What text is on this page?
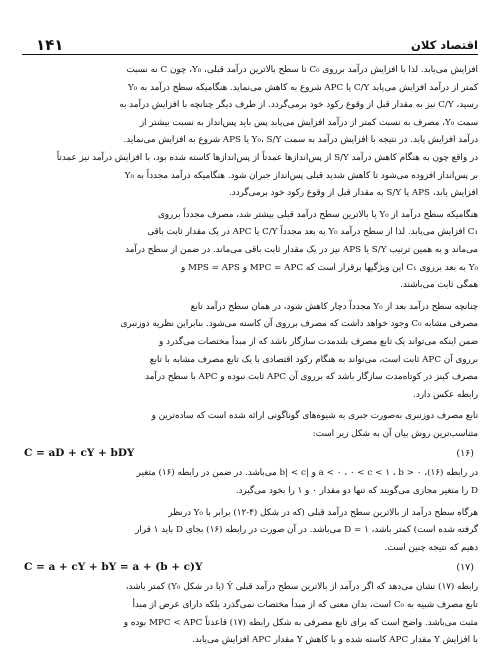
۱۴۱	اقتصاد کلان

افزایش می‌یابد. لذا با افزایش درآمد برروی C₀ تا سطح بالاترین درآمد قبلی، Y₀، چون C نه نسبت

کمتر از درآمد افزایش می‌یابد C/Y یا APC شروع به کاهش می‌نماید. هنگامیکه سطح درآمد به Y₀

رسید، C/Y نیز به مقدار قبل از وقوع رکود خود برمی‌گردد. از طرف دیگر چنانچه با افزایش درآمد به

سمت Y₀، مصرف به نسبت کمتر از درآمد افزایش می‌یابد پس باید پس‌انداز به نسبت بیشتر از

درآمد افزایش یابد. در نتیجه با افزایش درآمد به سمت Y₀، S/Y یا APS شروع به افزایش می‌نماید.

در واقع چون به هنگام کاهش درآمد S/Y از پس‌انداز‌ها عمدتاً از پس‌اندازها کاسته شده بود، با افزایش درآمد نیز عمدتاً

بر پس‌انداز افزوده می‌شود تا کاهش شدید قبلی پس‌انداز جبران شود. هنگامیکه درآمد مجدداً به Y₀

افزایش یابد، APS یا S/Y به مقدار قبل از وقوع رکود خود برمی‌گردد.

هنگامیکه سطح درآمد از Y₀ یا بالاترین سطح درآمد قبلی بیشتر شد، مصرف مجدداً برروی

C₁ افزایش می‌یابد. لذا از سطح درآمد Y₀ به بعد مجدداً C/Y یا APC در یک مقدار ثابت باقی

می‌ماند و به همین ترتیب S/Y یا APS نیز در یک مقدار ثابت باقی می‌ماند. در ضمن از سطح درآمد

Y₀ به بعد برروی C₁ این ویژگیها برقرار است که MPC = APC و MPS = APS و

همگی ثابت می‌باشند.

چنانچه سطح درآمد بعد از Y₀ مجدداً دچار کاهش شود، در همان سطح درآمد تابع

مصرفی مشابه C₀ وجود خواهد داشت که مصرف برروی آن کاسته می‌شود. بنابراین نظریه دوزنبری

ضمن اینکه می‌تواند یک تابع مصرف بلندمدت سازگار باشد که از مبدأ مختصات می‌گذرد و

برروی آن APC ثابت است، می‌تواند به هنگام رکود اقتصادی با یک تابع مصرف مشابه با تابع

مصرف کینز در کوتاه‌مدت سازگار باشد که برروی آن APC ثابت نبوده و APC با سطح درآمد

رابطه عکس دارد.

تابع مصرف دوزنبری به‌صورت جبری به شیوه‌های گوناگونی ارائه شده است که ساده‌ترین و

متناسب‌ترین روش بیان آن به شکل زیر است:

C = aD + cY + bDY	(۱۶)

در رابطه (۱۶)، a < ۰ ، ۰ < c < ۱ ، b > ۰ و |b| < c می‌باشد. در ضمن در رابطه (۱۶) متغیر

D را متغیر مجازی می‌گویند که تنها دو مقدار ۰ و ۱ را بخود می‌گیرد.

هرگاه سطح درآمد از بالاترین سطح درآمد قبلی (که در شکل (۴-۱۲) برابر با Y₀ درنظر

گرفته شده است) کمتر باشد، D = ۱ می‌باشد. در آن صورت در رابطه (۱۶) بجای D باید ۱ قرار

دهیم که نتیجه چنین است.

C = a + cY + bY = a + (b + c)Y	(۱۷)

رابطه (۱۷) نشان می‌دهد که اگر درآمد از بالاترین سطح درآمد قبلی Ŷ (یا در شکل Y₀) کمتر باشد،

تابع مصرف شبیه به C₀ است، بدان معنی که از مبدأ مختصات نمی‌گذرد بلکه دارای عرض از مبدأ

مثبت می‌باشد. واضح است که برای تابع مصرفی به شکل رابطه (۱۷) قاعدتاً MPC < APC بوده و

با افزایش Y مقدار APC کاسته شده و با کاهش Y مقدار APC افزایش می‌یابد.
